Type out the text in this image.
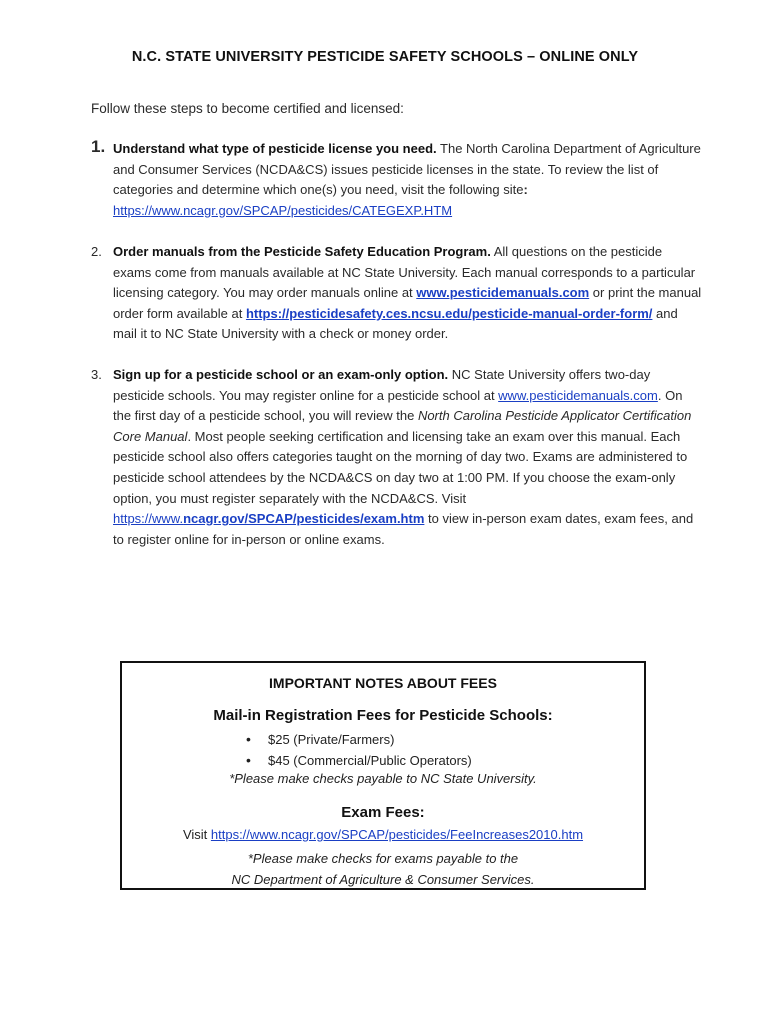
N.C. STATE UNIVERSITY PESTICIDE SAFETY SCHOOLS – ONLINE ONLY
Follow these steps to become certified and licensed:
1. Understand what type of pesticide license you need. The North Carolina Department of Agriculture and Consumer Services (NCDA&CS) issues pesticide licenses in the state. To review the list of categories and determine which one(s) you need, visit the following site: https://www.ncagr.gov/SPCAP/pesticides/CATEGEXP.HTM
2. Order manuals from the Pesticide Safety Education Program. All questions on the pesticide exams come from manuals available at NC State University. Each manual corresponds to a particular licensing category. You may order manuals online at www.pesticidemanuals.com or print the manual order form available at https://pesticidesafety.ces.ncsu.edu/pesticide-manual-order-form/ and mail it to NC State University with a check or money order.
3. Sign up for a pesticide school or an exam-only option. NC State University offers two-day pesticide schools. You may register online for a pesticide school at www.pesticidemanuals.com. On the first day of a pesticide school, you will review the North Carolina Pesticide Applicator Certification Core Manual. Most people seeking certification and licensing take an exam over this manual. Each pesticide school also offers categories taught on the morning of day two. Exams are administered to pesticide school attendees by the NCDA&CS on day two at 1:00 PM. If you choose the exam-only option, you must register separately with the NCDA&CS. Visit https://www.ncagr.gov/SPCAP/pesticides/exam.htm to view in-person exam dates, exam fees, and to register online for in-person or online exams.
IMPORTANT NOTES ABOUT FEES
Mail-in Registration Fees for Pesticide Schools:
• $25 (Private/Farmers)
• $45 (Commercial/Public Operators)
*Please make checks payable to NC State University.
Exam Fees:
Visit https://www.ncagr.gov/SPCAP/pesticides/FeeIncreases2010.htm
*Please make checks for exams payable to the
NC Department of Agriculture & Consumer Services.
